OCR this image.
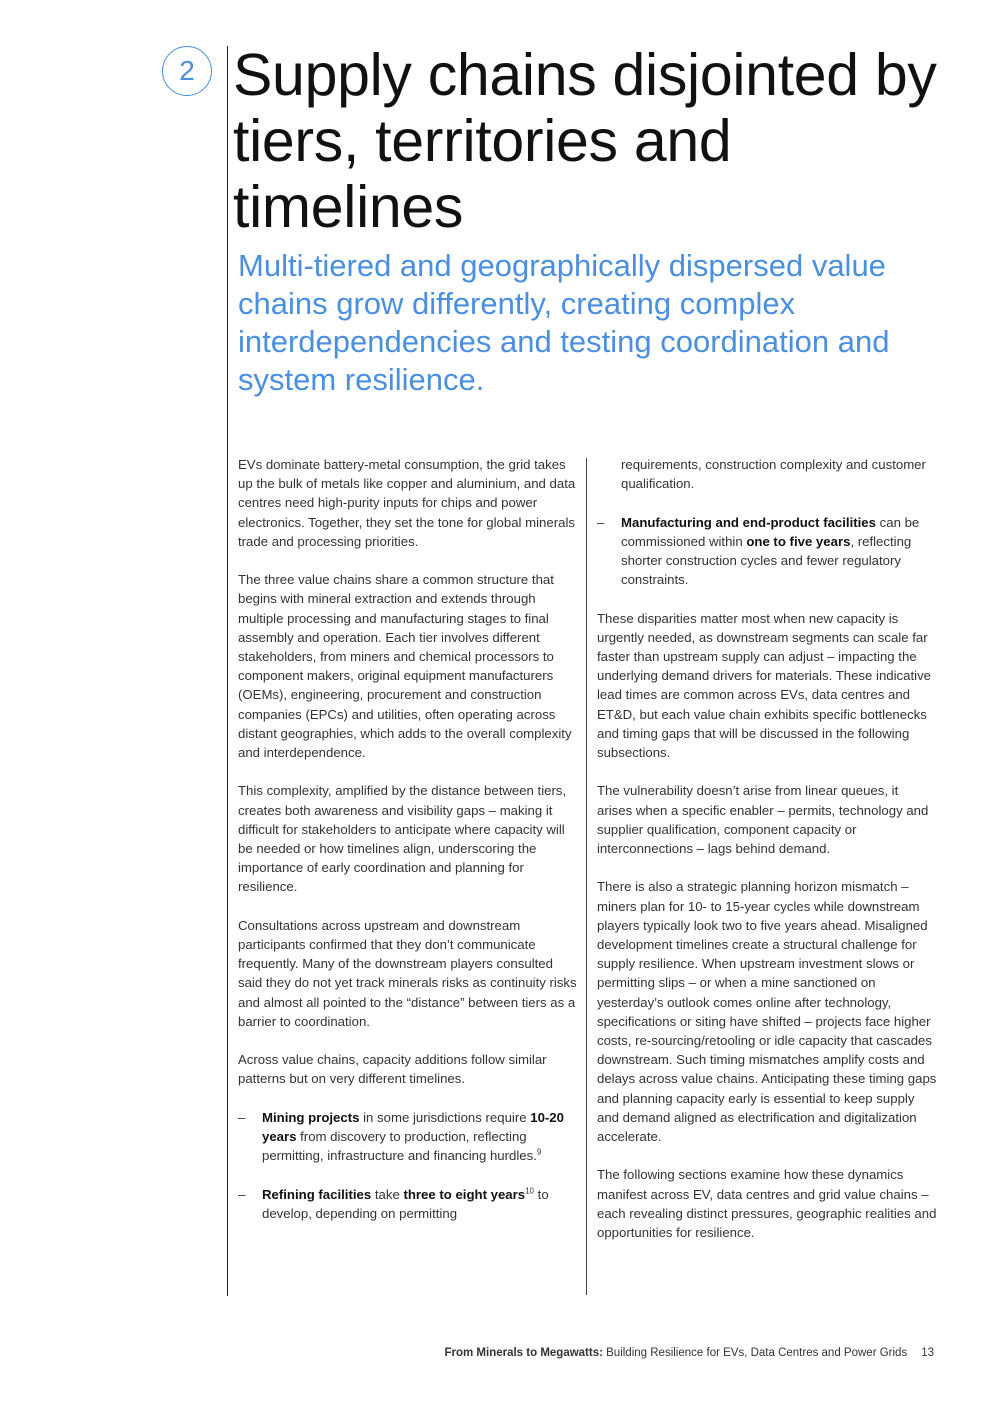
2 Supply chains disjointed by tiers, territories and timelines
Multi-tiered and geographically dispersed value chains grow differently, creating complex interdependencies and testing coordination and system resilience.

EVs dominate battery-metal consumption, the grid takes up the bulk of metals like copper and aluminium, and data centres need high-purity inputs for chips and power electronics. Together, they set the tone for global minerals trade and processing priorities.

The three value chains share a common structure that begins with mineral extraction and extends through multiple processing and manufacturing stages to final assembly and operation. Each tier involves different stakeholders, from miners and chemical processors to component makers, original equipment manufacturers (OEMs), engineering, procurement and construction companies (EPCs) and utilities, often operating across distant geographies, which adds to the overall complexity and interdependence.

This complexity, amplified by the distance between tiers, creates both awareness and visibility gaps – making it difficult for stakeholders to anticipate where capacity will be needed or how timelines align, underscoring the importance of early coordination and planning for resilience.

Consultations across upstream and downstream participants confirmed that they don’t communicate frequently. Many of the downstream players consulted said they do not yet track minerals risks as continuity risks and almost all pointed to the “distance” between tiers as a barrier to coordination.

Across value chains, capacity additions follow similar patterns but on very different timelines.

– Mining projects in some jurisdictions require 10-20 years from discovery to production, reflecting permitting, infrastructure and financing hurdles.$^9$
– Refining facilities take three to eight years$^{10}$ to develop, depending on permitting
requirements, construction complexity and customer qualification.
– Manufacturing and end-product facilities can be commissioned within one to five years, reflecting shorter construction cycles and fewer regulatory constraints.

These disparities matter most when new capacity is urgently needed, as downstream segments can scale far faster than upstream supply can adjust – impacting the underlying demand drivers for materials. These indicative lead times are common across EVs, data centres and ET&D, but each value chain exhibits specific bottlenecks and timing gaps that will be discussed in the following subsections.

The vulnerability doesn’t arise from linear queues, it arises when a specific enabler – permits, technology and supplier qualification, component capacity or interconnections – lags behind demand.

There is also a strategic planning horizon mismatch – miners plan for 10- to 15-year cycles while downstream players typically look two to five years ahead. Misaligned development timelines create a structural challenge for supply resilience. When upstream investment slows or permitting slips – or when a mine sanctioned on yesterday’s outlook comes online after technology, specifications or siting have shifted – projects face higher costs, re-sourcing/retooling or idle capacity that cascades downstream. Such timing mismatches amplify costs and delays across value chains. Anticipating these timing gaps and planning capacity early is essential to keep supply and demand aligned as electrification and digitalization accelerate.

The following sections examine how these dynamics manifest across EV, data centres and grid value chains – each revealing distinct pressures, geographic realities and opportunities for resilience.

From Minerals to Megawatts: Building Resilience for EVs, Data Centres and Power Grids 13
